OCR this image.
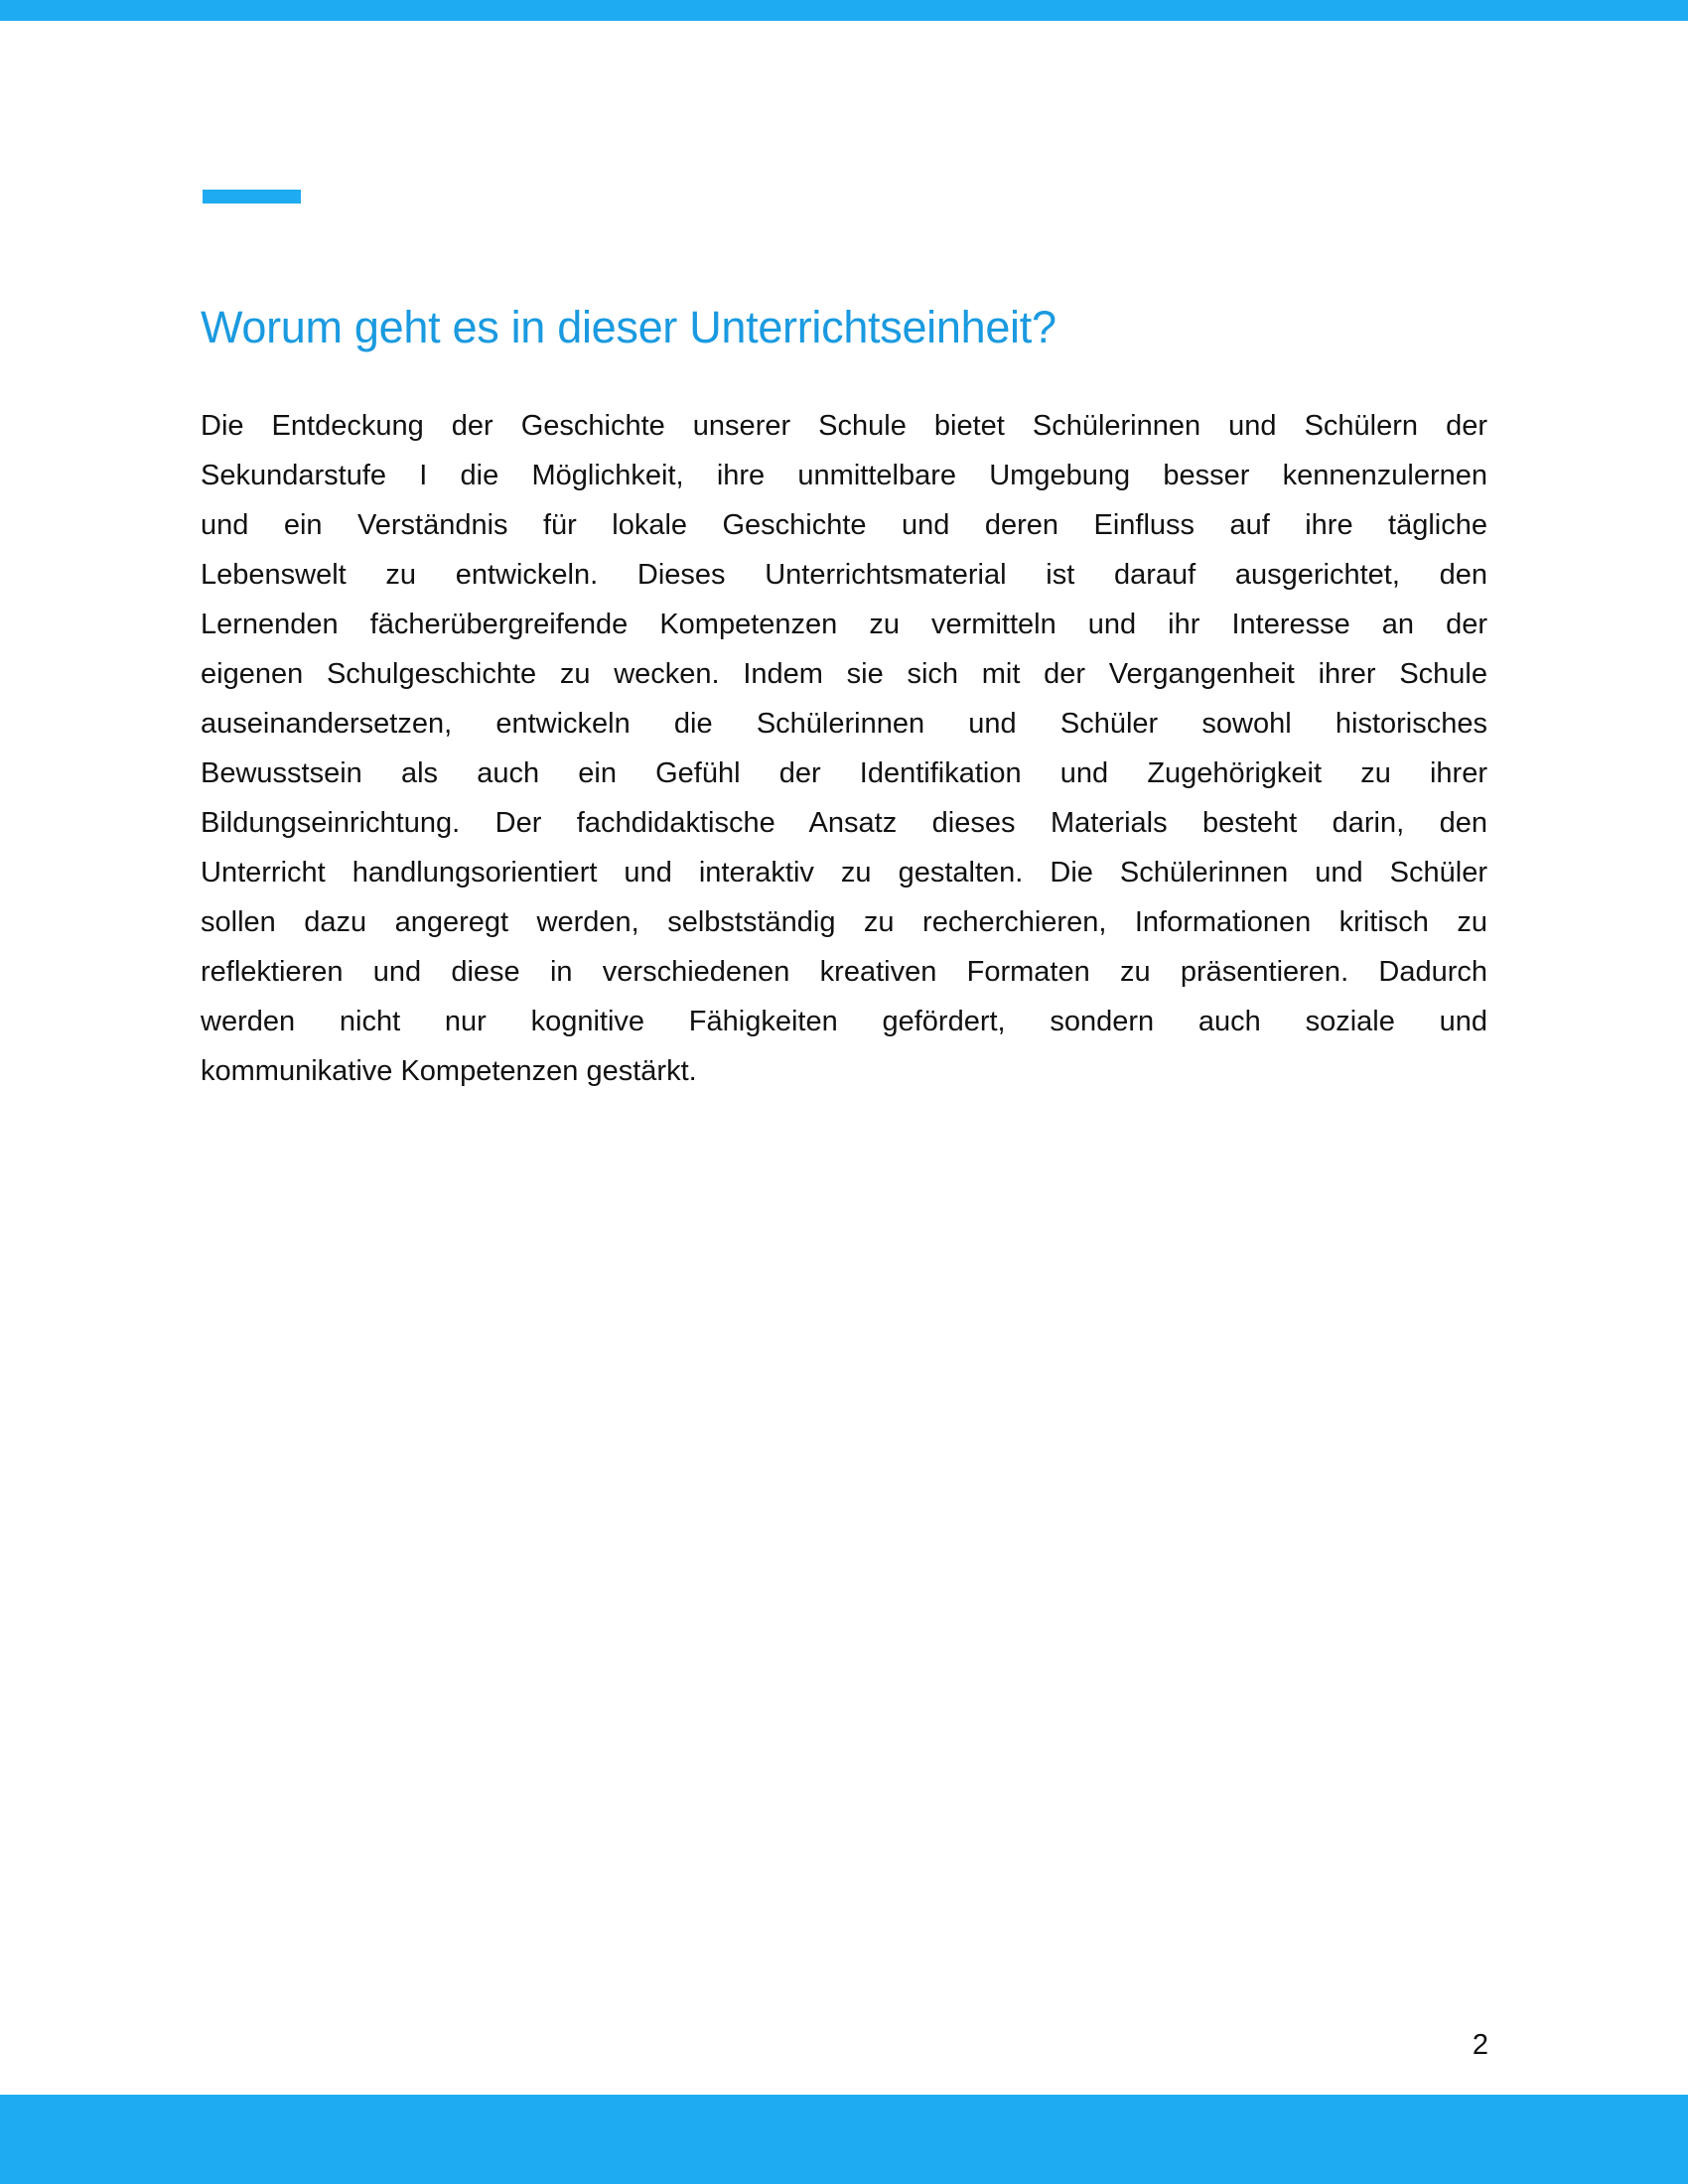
Worum geht es in dieser Unterrichtseinheit?
Die Entdeckung der Geschichte unserer Schule bietet Schülerinnen und Schülern der
Sekundarstufe I die Möglichkeit, ihre unmittelbare Umgebung besser kennenzulernen
und ein Verständnis für lokale Geschichte und deren Einfluss auf ihre tägliche
Lebenswelt zu entwickeln. Dieses Unterrichtsmaterial ist darauf ausgerichtet, den
Lernenden fächerübergreifende Kompetenzen zu vermitteln und ihr Interesse an der
eigenen Schulgeschichte zu wecken. Indem sie sich mit der Vergangenheit ihrer Schule
auseinandersetzen, entwickeln die Schülerinnen und Schüler sowohl historisches
Bewusstsein als auch ein Gefühl der Identifikation und Zugehörigkeit zu ihrer
Bildungseinrichtung. Der fachdidaktische Ansatz dieses Materials besteht darin, den
Unterricht handlungsorientiert und interaktiv zu gestalten. Die Schülerinnen und Schüler
sollen dazu angeregt werden, selbstständig zu recherchieren, Informationen kritisch zu
reflektieren und diese in verschiedenen kreativen Formaten zu präsentieren. Dadurch
werden nicht nur kognitive Fähigkeiten gefördert, sondern auch soziale und
kommunikative Kompetenzen gestärkt.
2
